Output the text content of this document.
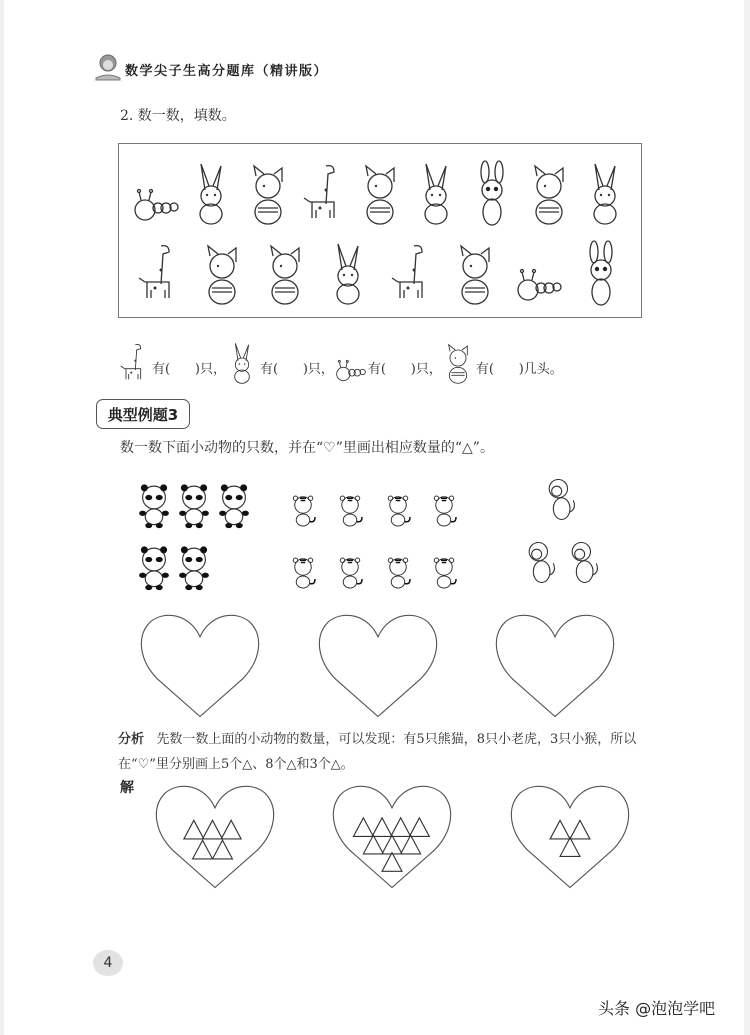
数学尖子生高分题库（精讲版）
2. 数一数，填数。
有(      )只，	有(      )只，	有(      )只，	有(      )几头。
典型例题3
数一数下面小动物的只数，并在“♡”里画出相应数量的“△”。
分析 先数一数上面的小动物的数量，可以发现：有5只熊猫，8只小老虎，3只小猴，所以
在“♡”里分别画上5个△、8个△和3个△。
解
4
头条 @泡泡学吧
